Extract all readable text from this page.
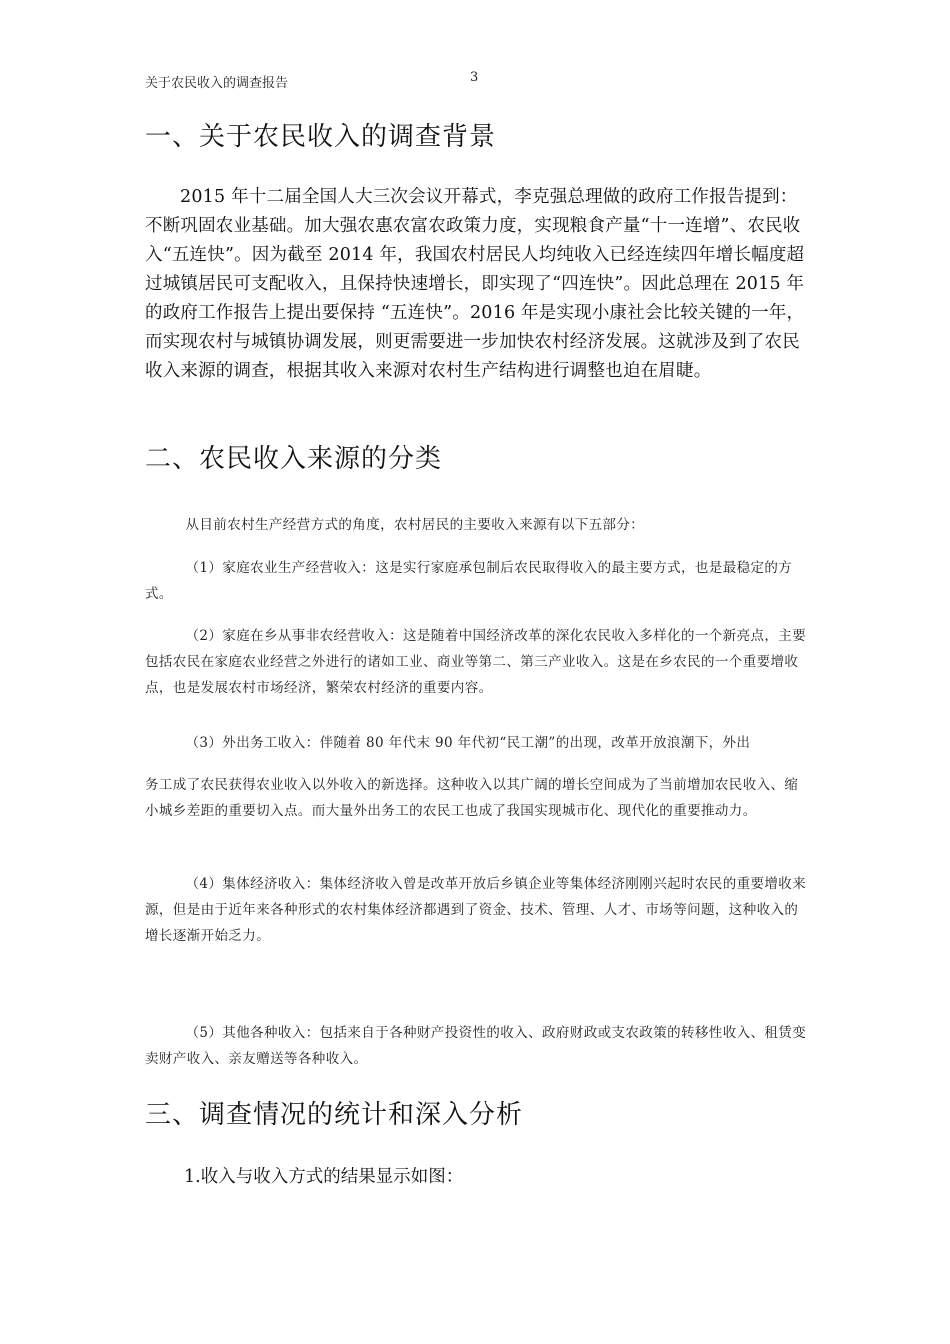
关于农民收入的调查报告	3
一、关于农民收入的调查背景

2015 年十二届全国人大三次会议开幕式，李克强总理做的政府工作报告提到：不断巩固农业基础。加大强农惠农富农政策力度，实现粮食产量“十一连增”、农民收入“五连快”。因为截至 2014 年，我国农村居民人均纯收入已经连续四年增长幅度超过城镇居民可支配收入，且保持快速增长，即实现了“四连快”。因此总理在 2015 年的政府工作报告上提出要保持 “五连快”。2016 年是实现小康社会比较关键的一年，而实现农村与城镇协调发展，则更需要进一步加快农村经济发展。这就涉及到了农民收入来源的调查，根据其收入来源对农村生产结构进行调整也迫在眉睫。

二、农民收入来源的分类

从目前农村生产经营方式的角度，农村居民的主要收入来源有以下五部分：

（1）家庭农业生产经营收入：这是实行家庭承包制后农民取得收入的最主要方式，也是最稳定的方式。

（2）家庭在乡从事非农经营收入：这是随着中国经济改革的深化农民收入多样化的一个新亮点，主要包括农民在家庭农业经营之外进行的诸如工业、商业等第二、第三产业收入。这是在乡农民的一个重要增收点，也是发展农村市场经济，繁荣农村经济的重要内容。

（3）外出务工收入：伴随着 80 年代末 90 年代初“民工潮”的出现，改革开放浪潮下，外出

务工成了农民获得农业收入以外收入的新选择。这种收入以其广阔的增长空间成为了当前增加农民收入、缩小城乡差距的重要切入点。而大量外出务工的农民工也成了我国实现城市化、现代化的重要推动力。

（4）集体经济收入：集体经济收入曾是改革开放后乡镇企业等集体经济刚刚兴起时农民的重要增收来源，但是由于近年来各种形式的农村集体经济都遇到了资金、技术、管理、人才、市场等问题，这种收入的增长逐渐开始乏力。

（5）其他各种收入：包括来自于各种财产投资性的收入、政府财政或支农政策的转移性收入、租赁变卖财产收入、亲友赠送等各种收入。

三、调查情况的统计和深入分析

1.收入与收入方式的结果显示如图：
